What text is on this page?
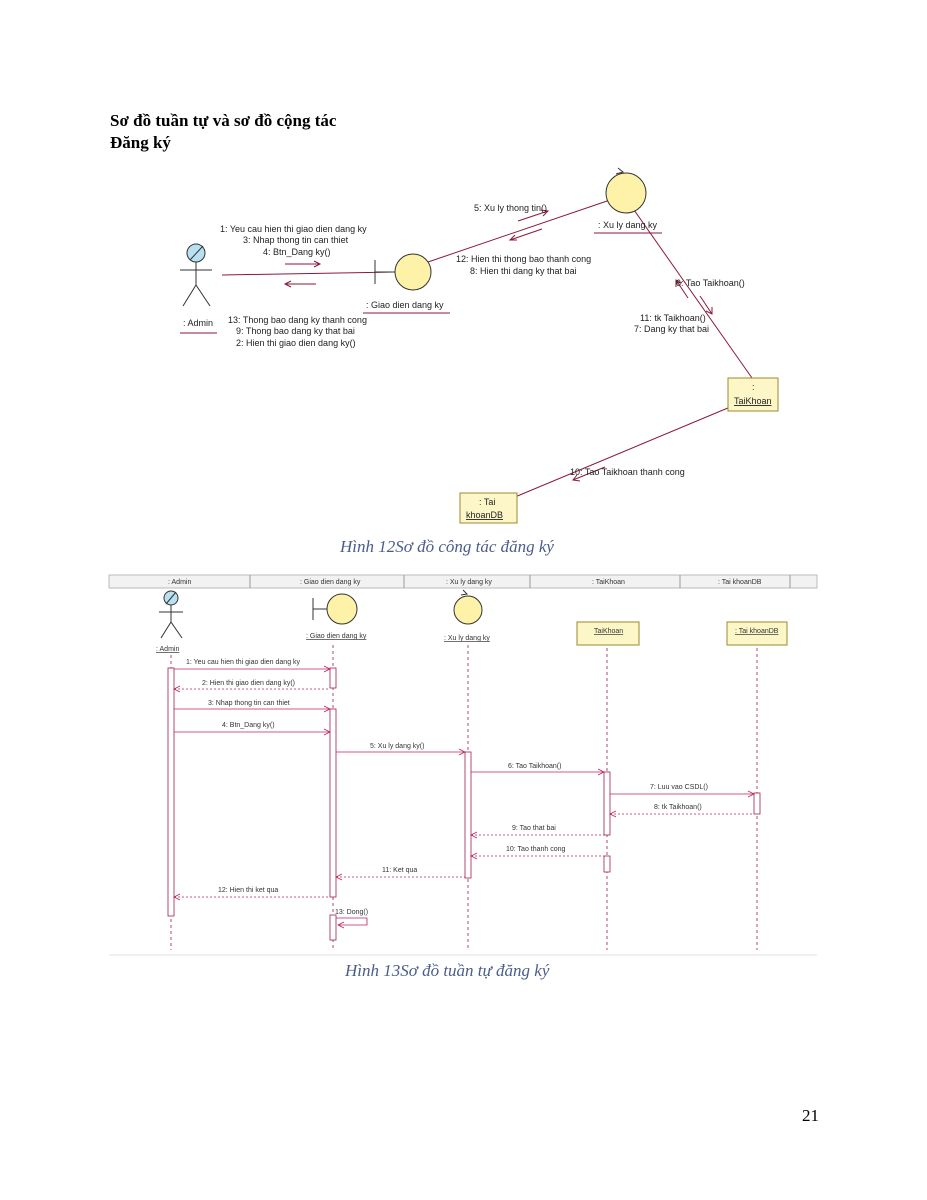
Sơ đồ tuần tự và sơ đồ cộng tác
Đăng ký
: Admin
: Giao dien dang ky
: Xu ly dang ky
:
TaiKhoan
: Tai
khoanDB
1: Yeu cau hien thi giao dien dang ky
3: Nhap thong tin can thiet
4: Btn_Dang ky()
13: Thong bao dang ky thanh cong
9: Thong bao dang ky that bai
2: Hien thi giao dien dang ky()
5: Xu ly thong tin()
12: Hien thi thong bao thanh cong
8: Hien thi dang ky that bai
6: Tao Taikhoan()
11: tk Taikhoan()
7: Dang ky that bai
10: Tao Taikhoan thanh cong
Hình 12Sơ đồ công tác đăng ký
: Admin	: Giao dien dang ky	: Xu ly dang ky	: TaiKhoan	: Tai khoanDB
: Admin
: Giao dien dang ky	: Xu ly dang ky
TaiKhoan	: Tai khoanDB
1: Yeu cau hien thi giao dien dang ky
2: Hien thi giao dien dang ky()
3: Nhap thong tin can thiet
4: Btn_Dang ky()
5: Xu ly dang ky()
6: Tao Taikhoan()
7: Luu vao CSDL()
8: tk Taikhoan()
9: Tao that bai
10: Tao thanh cong
11: Ket qua
12: Hien thi ket qua
13: Dong()
Hình 13Sơ đồ tuần tự đăng ký
21
